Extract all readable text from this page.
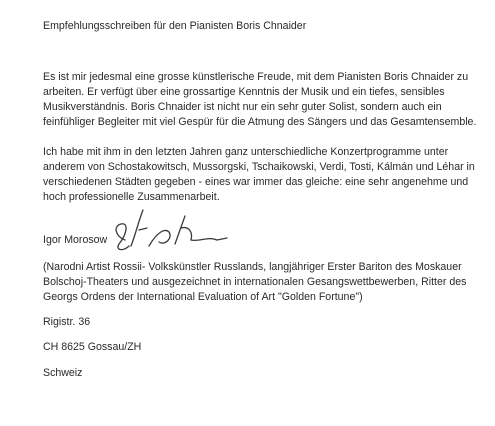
Empfehlungsschreiben für den Pianisten Boris Chnaider

Es ist mir jedesmal eine grosse künstlerische Freude, mit dem Pianisten Boris Chnaider zu arbeiten. Er verfügt über eine grossartige Kenntnis der Musik und ein tiefes, sensibles Musikverständnis. Boris Chnaider ist nicht nur ein sehr guter Solist, sondern auch ein feinfühliger Begleiter mit viel Gespür für die Atmung des Sängers und das Gesamtensemble.

Ich habe mit ihm in den letzten Jahren ganz unterschiedliche Konzertprogramme unter anderem von Schostakowitsch, Mussorgski, Tschaikowski, Verdi, Tosti, Kálmán und Léhar in verschiedenen Städten gegeben - eines war immer das gleiche: eine sehr angenehme und hoch professionelle Zusammenarbeit.

Igor Morosow

(Narodni Artist Rossii- Volkskünstler Russlands, langjähriger Erster Bariton des Moskauer Bolschoj-Theaters und ausgezeichnet in internationalen Gesangswettbewerben, Ritter des Georgs Ordens der International Evaluation of Art "Golden Fortune")

Rigistr. 36

CH 8625 Gossau/ZH

Schweiz
